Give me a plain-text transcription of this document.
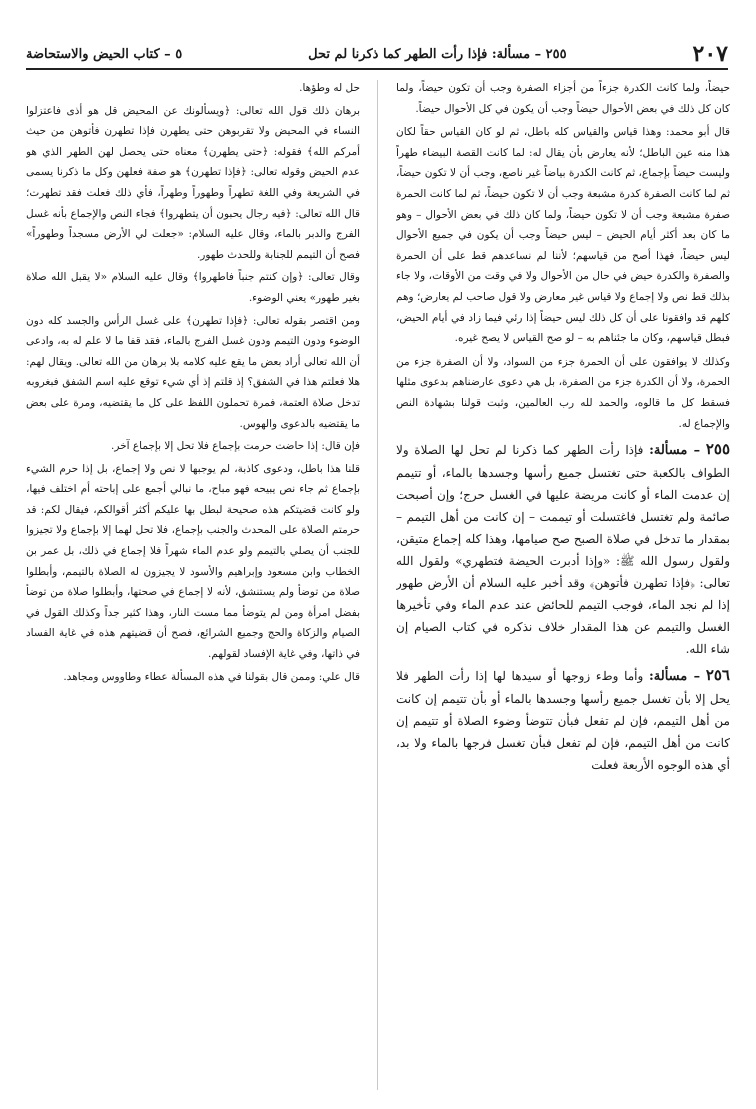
٢٠٧
٢٥٥ – مسألة: فإذا رأت الطهر كما ذكرنا لم تحل
٥ – كتاب الحيض والاستحاضة

حيضاً، ولما كانت الكدرة جزءاً من أجزاء الصفرة وجب أن تكون حيضاً، ولما كان كل ذلك في بعض الأحوال حيضاً وجب أن يكون في كل الأحوال حيضاً.

قال أبو محمد: وهذا قياس والقياس كله باطل، ثم لو كان القياس حقاً لكان هذا منه عين الباطل؛ لأنه يعارض بأن يقال له: لما كانت القصة البيضاء طهراً وليست حيضاً بإجماع، ثم كانت الكدرة بياضاً غير ناصع، وجب أن لا تكون حيضاً، ثم لما كانت الصفرة كدرة مشبعة وجب أن لا تكون حيضاً، ثم لما كانت الحمرة صفرة مشبعة وجب أن لا تكون حيضاً، ولما كان ذلك في بعض الأحوال – وهو ما كان بعد أكثر أيام الحيض – ليس حيضاً وجب أن يكون في جميع الأحوال ليس حيضاً، فهذا أصح من قياسهم؛ لأننا لم نساعدهم قط على أن الحمرة والصفرة والكدرة حيض في حال من الأحوال ولا في وقت من الأوقات، ولا جاء بذلك قط نص ولا إجماع ولا قياس غير معارض ولا قول صاحب لم يعارض؛ وهم كلهم قد وافقونا على أن كل ذلك ليس حيضاً إذا رئي فيما زاد في أيام الحيض، فبطل قياسهم، وكان ما جئناهم به – لو صح القياس لا يصح غيره.

وكذلك لا يوافقون على أن الحمرة جزء من السواد، ولا أن الصفرة جزء من الحمرة، ولا أن الكدرة جزء من الصفرة، بل هي دعوى عارضناهم بدعوى مثلها فسقط كل ما قالوه، والحمد لله رب العالمين، وثبت قولنا بشهادة النص والإجماع له.

٢٥٥ – مسألة: فإذا رأت الطهر كما ذكرنا لم تحل لها الصلاة ولا الطواف بالكعبة حتى تغتسل جميع رأسها وجسدها بالماء، أو تتيمم إن عدمت الماء أو كانت مريضة عليها في الغسل حرج؛ وإن أصبحت صائمة ولم تغتسل فاغتسلت أو تيممت – إن كانت من أهل التيمم – بمقدار ما تدخل في صلاة الصبح صح صيامها، وهذا كله إجماع متيقن، ولقول رسول الله ﷺ: «وإذا أدبرت الحيضة فتطهري» ولقول الله تعالى: ﴿فإذا تطهرن فأتوهن﴾ وقد أخبر عليه السلام أن الأرض طهور إذا لم نجد الماء، فوجب التيمم للحائض عند عدم الماء وفي تأخيرها الغسل والتيمم عن هذا المقدار خلاف نذكره في كتاب الصيام إن شاء الله.

٢٥٦ – مسألة: وأما وطء زوجها أو سيدها لها إذا رأت الطهر فلا يحل إلا بأن تغسل جميع رأسها وجسدها بالماء أو بأن تتيمم إن كانت من أهل التيمم، فإن لم تفعل فبأن تتوضأ وضوء الصلاة أو تتيمم إن كانت من أهل التيمم، فإن لم تفعل فبأن تغسل فرجها بالماء ولا بد، أي هذه الوجوه الأربعة فعلت

حل له وطؤها.

برهان ذلك قول الله تعالى: ﴿ويسألونك عن المحيض قل هو أذى فاعتزلوا النساء في المحيض ولا تقربوهن حتى يطهرن فإذا تطهرن فأتوهن من حيث أمركم الله﴾ فقوله: ﴿حتى يطهرن﴾ معناه حتى يحصل لهن الطهر الذي هو عدم الحيض وقوله تعالى: ﴿فإذا تطهرن﴾ هو صفة فعلهن وكل ما ذكرنا يسمى في الشريعة وفي اللغة تطهراً وطهوراً وطهراً، فأي ذلك فعلت فقد تطهرت؛ قال الله تعالى: ﴿فيه رجال يحبون أن يتطهروا﴾ فجاء النص والإجماع بأنه غسل الفرج والدبر بالماء، وقال عليه السلام: «جعلت لي الأرض مسجداً وطهوراً» فصح أن التيمم للجنابة وللحدث طهور.

وقال تعالى: ﴿وإن كنتم جنباً فاطهروا﴾ وقال عليه السلام «لا يقبل الله صلاة بغير طهور» يعني الوضوء.

ومن اقتصر بقوله تعالى: ﴿فإذا تطهرن﴾ على غسل الرأس والجسد كله دون الوضوء ودون التيمم ودون غسل الفرج بالماء، فقد قفا ما لا علم له به، وادعى أن الله تعالى أراد بعض ما يقع عليه كلامه بلا برهان من الله تعالى. ويقال لهم: هلا فعلتم هذا في الشفق؟ إذ قلتم إذ أي شيء توقع عليه اسم الشفق فبغروبه تدخل صلاة العتمة، فمرة تحملون اللفظ على كل ما يقتضيه، ومرة على بعض ما يقتضيه بالدعوى والهوس.

فإن قال: إذا حاضت حرمت بإجماع فلا تحل إلا بإجماع آخر.

قلنا هذا باطل، ودعوى كاذبة، لم يوجبها لا نص ولا إجماع، بل إذا حرم الشيء بإجماع ثم جاء نص يبيحه فهو مباح، ما نبالي أجمع على إباحته أم اختلف فيها، ولو كانت قضيتكم هذه صحيحة لبطل بها عليكم أكثر أقوالكم، فيقال لكم: قد حرمتم الصلاة على المحدث والجنب بإجماع، فلا تحل لهما إلا بإجماع ولا تجيزوا للجنب أن يصلي بالتيمم ولو عدم الماء شهراً فلا إجماع في ذلك، بل عمر بن الخطاب وابن مسعود وإبراهيم والأسود لا يجيزون له الصلاة بالتيمم، وأبطلوا صلاة من توضأ ولم يستنشق، لأنه لا إجماع في صحتها، وأبطلوا صلاة من توضأ بفضل امرأة ومن لم يتوضأ مما مست النار، وهذا كثير جداً وكذلك القول في الصيام والزكاة والحج وجميع الشرائع، فصح أن قضيتهم هذه في غاية الفساد في ذاتها، وفي غاية الإفساد لقولهم.

قال علي: وممن قال بقولنا في هذه المسألة عطاء وطاووس ومجاهد.
